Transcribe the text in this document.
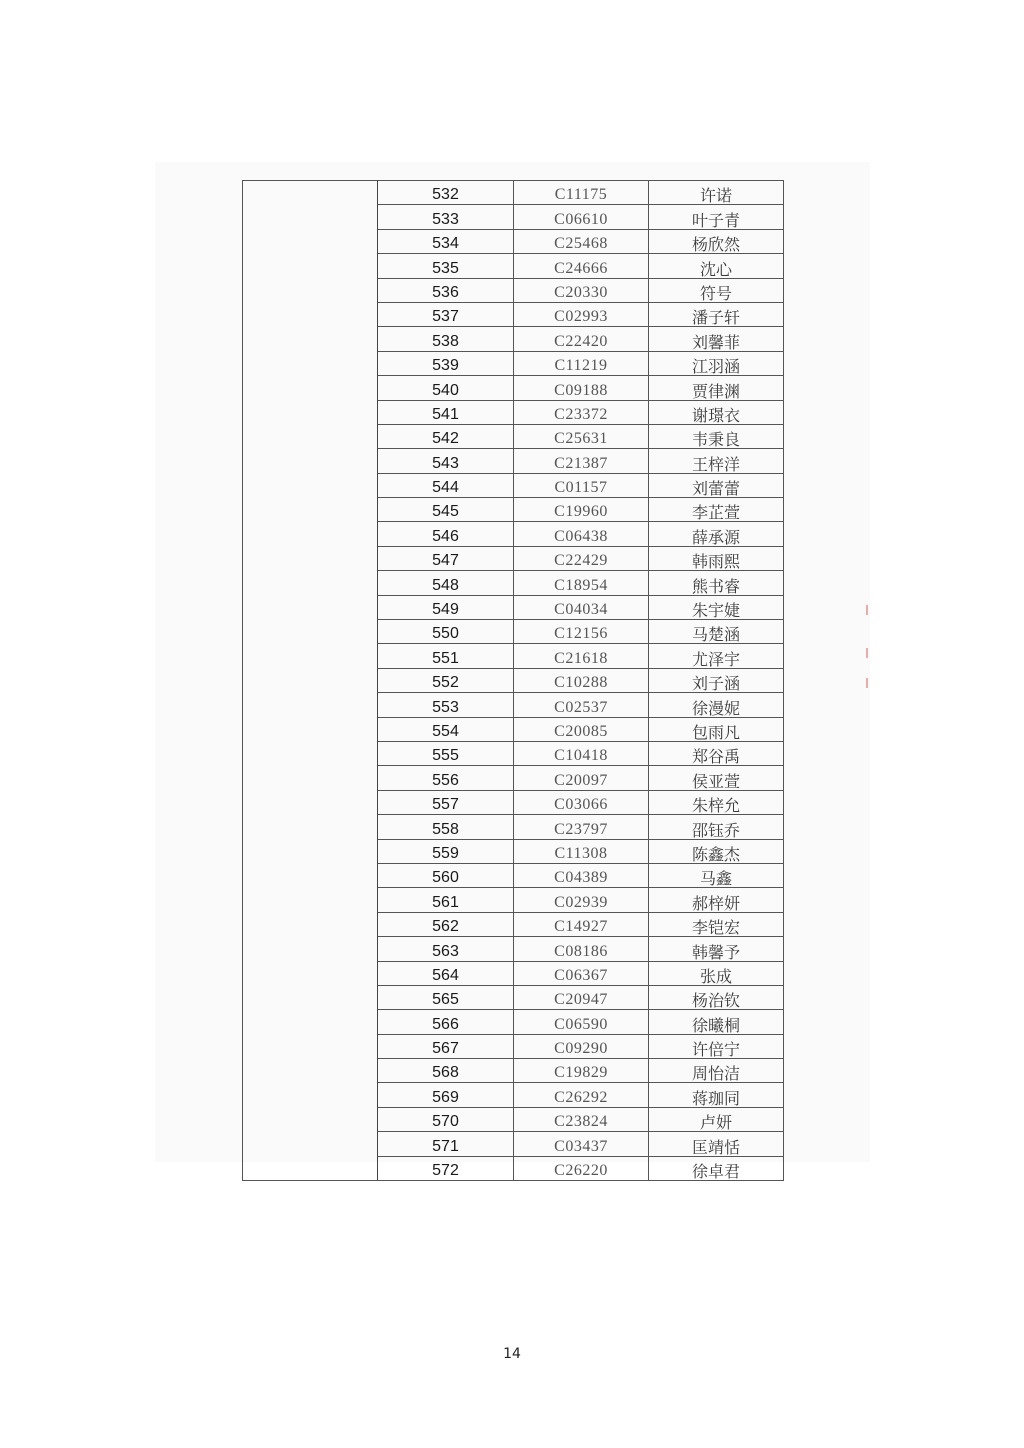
	532	C11175	许诺
	533	C06610	叶子青
	534	C25468	杨欣然
	535	C24666	沈心
	536	C20330	符号
	537	C02993	潘子轩
	538	C22420	刘馨菲
	539	C11219	江羽涵
	540	C09188	贾律渊
	541	C23372	谢璟衣
	542	C25631	韦秉良
	543	C21387	王梓洋
	544	C01157	刘蕾蕾
	545	C19960	李芷萱
	546	C06438	薛承源
	547	C22429	韩雨熙
	548	C18954	熊书睿
	549	C04034	朱宇婕
	550	C12156	马楚涵
	551	C21618	尤泽宇
	552	C10288	刘子涵
	553	C02537	徐漫妮
	554	C20085	包雨凡
	555	C10418	郑谷禹
	556	C20097	侯亚萱
	557	C03066	朱梓允
	558	C23797	邵钰乔
	559	C11308	陈鑫杰
	560	C04389	马鑫
	561	C02939	郝梓妍
	562	C14927	李铠宏
	563	C08186	韩馨予
	564	C06367	张成
	565	C20947	杨治钦
	566	C06590	徐曦桐
	567	C09290	许倍宁
	568	C19829	周怡洁
	569	C26292	蒋珈同
	570	C23824	卢妍
	571	C03437	匡靖恬
	572	C26220	徐卓君
14
